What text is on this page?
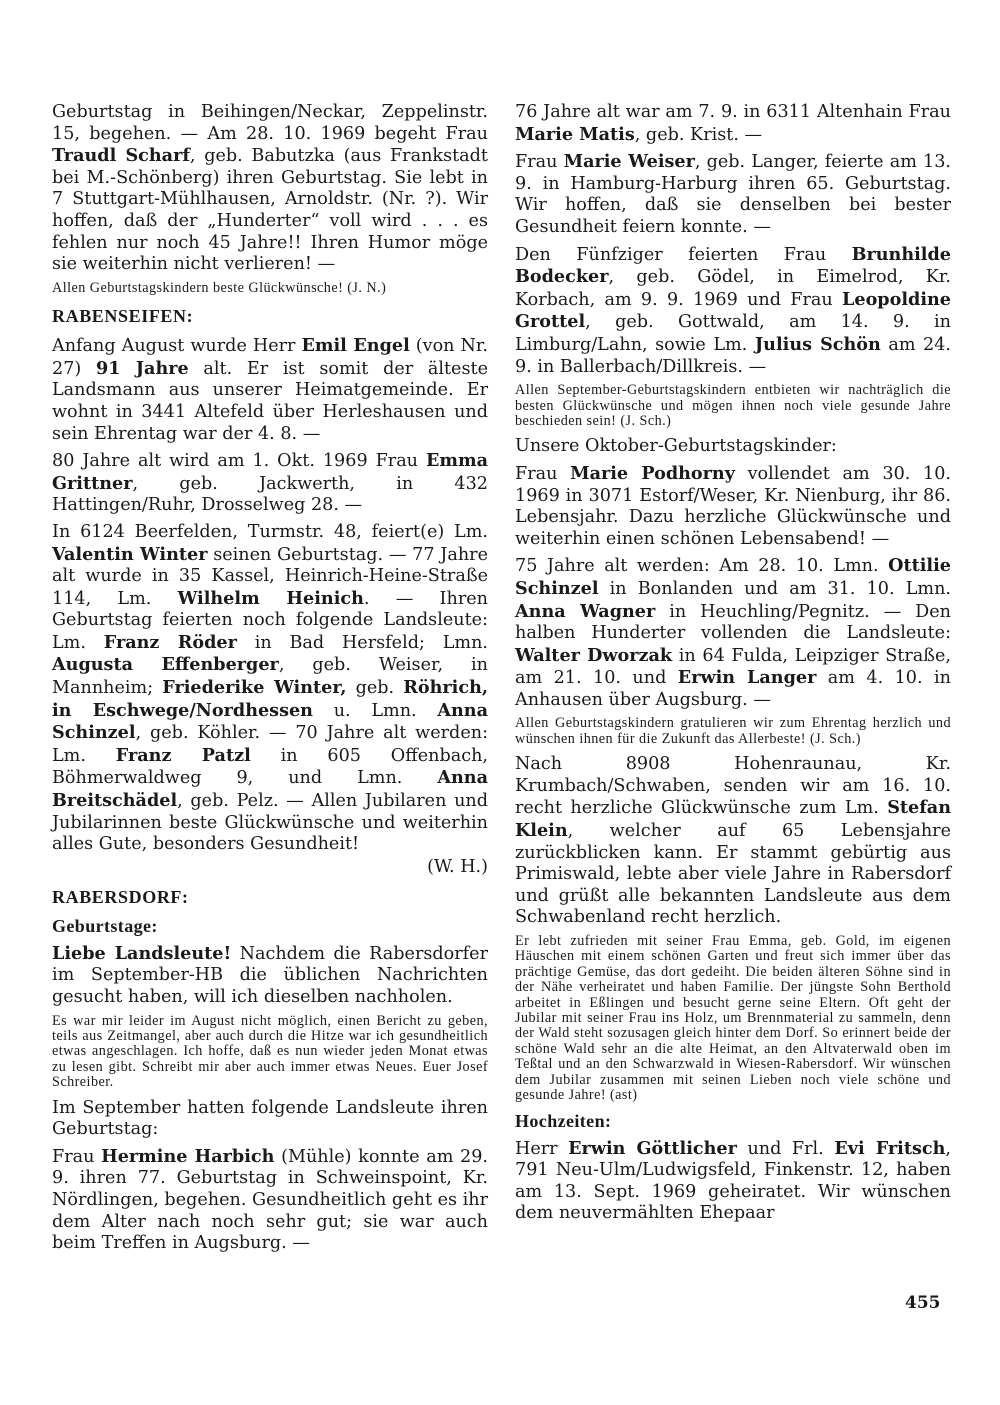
Geburtstag in Beihingen/Neckar, Zeppelinstr. 15, begehen. — Am 28. 10. 1969 begeht Frau Traudl Scharf, geb. Babutzka (aus Frankstadt bei M.-Schönberg) ihren Geburtstag. Sie lebt in 7 Stuttgart-Mühlhausen, Arnoldstr. (Nr. ?). Wir hoffen, daß der „Hunderter“ voll wird . . . es fehlen nur noch 45 Jahre!! Ihren Humor möge sie weiterhin nicht verlieren! —
Allen Geburtstagskindern beste Glückwünsche! (J. N.)
RABENSEIFEN:
Anfang August wurde Herr Emil Engel (von Nr. 27) 91 Jahre alt. Er ist somit der älteste Landsmann aus unserer Heimatgemeinde. Er wohnt in 3441 Altefeld über Herleshausen und sein Ehrentag war der 4. 8. —
80 Jahre alt wird am 1. Okt. 1969 Frau Emma Grittner, geb. Jackwerth, in 432 Hattingen/Ruhr, Drosselweg 28. —
In 6124 Beerfelden, Turmstr. 48, feiert(e) Lm. Valentin Winter seinen Geburtstag. — 77 Jahre alt wurde in 35 Kassel, Heinrich-Heine-Straße 114, Lm. Wilhelm Heinich. — Ihren Geburtstag feierten noch folgende Landsleute: Lm. Franz Röder in Bad Hersfeld; Lmn. Augusta Effenberger, geb. Weiser, in Mannheim; Friederike Winter, geb. Röhrich, in Eschwege/Nordhessen u. Lmn. Anna Schinzel, geb. Köhler. — 70 Jahre alt werden: Lm. Franz Patzl in 605 Offenbach, Böhmerwaldweg 9, und Lmn. Anna Breitschädel, geb. Pelz. — Allen Jubilaren und Jubilarinnen beste Glückwünsche und weiterhin alles Gute, besonders Gesundheit!
(W. H.)
RABERSDORF:
Geburtstage:
Liebe Landsleute! Nachdem die Rabersdorfer im September-HB die üblichen Nachrichten gesucht haben, will ich dieselben nachholen.
Es war mir leider im August nicht möglich, einen Bericht zu geben, teils aus Zeitmangel, aber auch durch die Hitze war ich gesundheitlich etwas angeschlagen. Ich hoffe, daß es nun wieder jeden Monat etwas zu lesen gibt. Schreibt mir aber auch immer etwas Neues. Euer Josef Schreiber.
Im September hatten folgende Landsleute ihren Geburtstag:
Frau Hermine Harbich (Mühle) konnte am 29. 9. ihren 77. Geburtstag in Schweinspoint, Kr. Nördlingen, begehen. Gesundheitlich geht es ihr dem Alter nach noch sehr gut; sie war auch beim Treffen in Augsburg. —
76 Jahre alt war am 7. 9. in 6311 Altenhain Frau Marie Matis, geb. Krist. —
Frau Marie Weiser, geb. Langer, feierte am 13. 9. in Hamburg-Harburg ihren 65. Geburtstag. Wir hoffen, daß sie denselben bei bester Gesundheit feiern konnte. —
Den Fünfziger feierten Frau Brunhilde Bodecker, geb. Gödel, in Eimelrod, Kr. Korbach, am 9. 9. 1969 und Frau Leopoldine Grottel, geb. Gottwald, am 14. 9. in Limburg/Lahn, sowie Lm. Julius Schön am 24. 9. in Ballerbach/Dillkreis. —
Allen September-Geburtstagskindern entbieten wir nachträglich die besten Glückwünsche und mögen ihnen noch viele gesunde Jahre beschieden sein! (J. Sch.)
Unsere Oktober-Geburtstagskinder:
Frau Marie Podhorny vollendet am 30. 10. 1969 in 3071 Estorf/Weser, Kr. Nienburg, ihr 86. Lebensjahr. Dazu herzliche Glückwünsche und weiterhin einen schönen Lebensabend! —
75 Jahre alt werden: Am 28. 10. Lmn. Ottilie Schinzel in Bonlanden und am 31. 10. Lmn. Anna Wagner in Heuchling/Pegnitz. — Den halben Hunderter vollenden die Landsleute: Walter Dworzak in 64 Fulda, Leipziger Straße, am 21. 10. und Erwin Langer am 4. 10. in Anhausen über Augsburg. —
Allen Geburtstagskindern gratulieren wir zum Ehrentag herzlich und wünschen ihnen für die Zukunft das Allerbeste! (J. Sch.)
Nach 8908 Hohenraunau, Kr. Krumbach/Schwaben, senden wir am 16. 10. recht herzliche Glückwünsche zum Lm. Stefan Klein, welcher auf 65 Lebensjahre zurückblicken kann. Er stammt gebürtig aus Primiswald, lebte aber viele Jahre in Rabersdorf und grüßt alle bekannten Landsleute aus dem Schwabenland recht herzlich.
Er lebt zufrieden mit seiner Frau Emma, geb. Gold, im eigenen Häuschen mit einem schönen Garten und freut sich immer über das prächtige Gemüse, das dort gedeiht. Die beiden älteren Söhne sind in der Nähe verheiratet und haben Familie. Der jüngste Sohn Berthold arbeitet in Eßlingen und besucht gerne seine Eltern. Oft geht der Jubilar mit seiner Frau ins Holz, um Brennmaterial zu sammeln, denn der Wald steht sozusagen gleich hinter dem Dorf. So erinnert beide der schöne Wald sehr an die alte Heimat, an den Altvaterwald oben im Teßtal und an den Schwarzwald in Wiesen-Rabersdorf. Wir wünschen dem Jubilar zusammen mit seinen Lieben noch viele schöne und gesunde Jahre! (ast)
Hochzeiten:
Herr Erwin Göttlicher und Frl. Evi Fritsch, 791 Neu-Ulm/Ludwigsfeld, Finkenstr. 12, haben am 13. Sept. 1969 geheiratet. Wir wünschen dem neuvermählten Ehepaar
455
